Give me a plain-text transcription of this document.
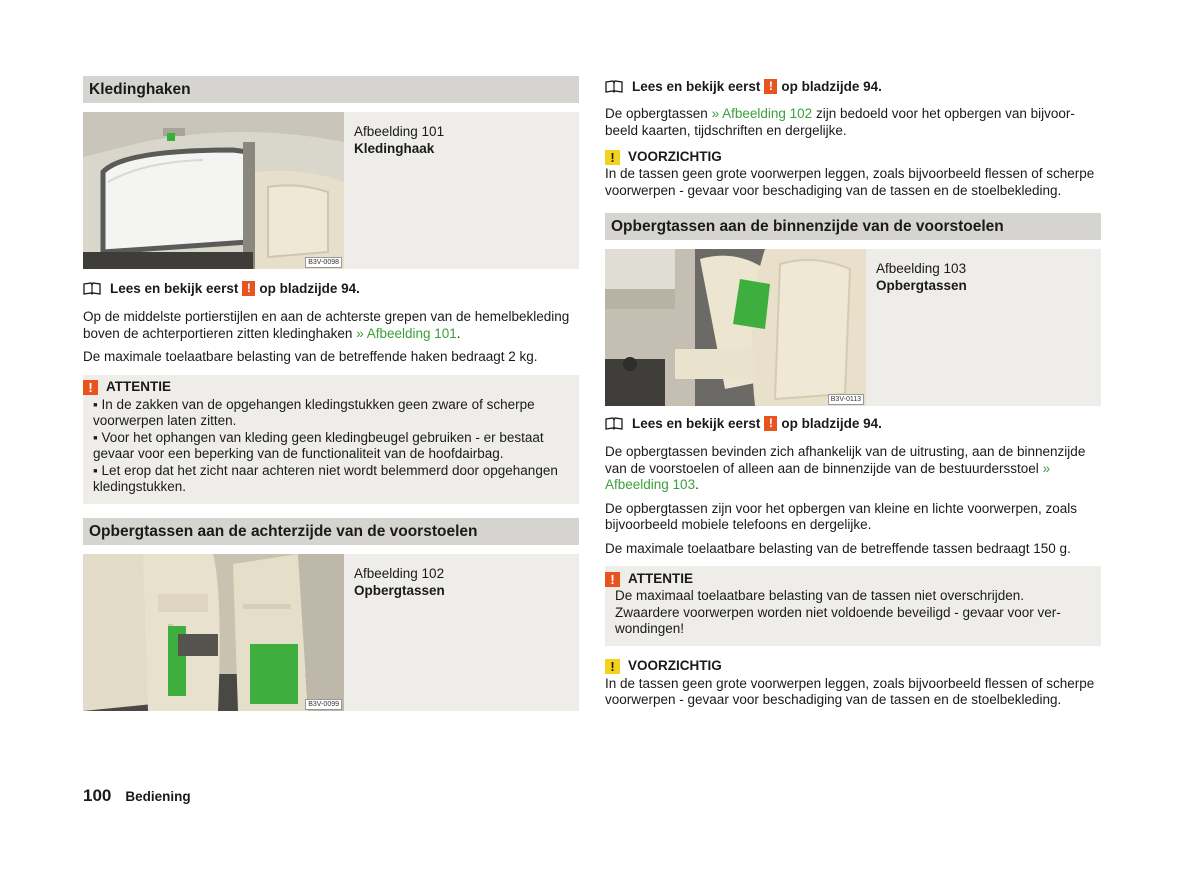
Kledinghaken
B3V-0098
Afbeelding 101
Kledinghaak
Lees en bekijk eerst ! op bladzijde 94.

Op de middelste portierstijlen en aan de achterste grepen van de hemelbekleding boven de achterportieren zitten kledinghaken » Afbeelding 101.

De maximale toelaatbare belasting van de betreffende haken bedraagt 2 kg.

! ATTENTIE
▪ In de zakken van de opgehangen kledingstukken geen zware of scherpe voorwerpen laten zitten.
▪ Voor het ophangen van kleding geen kledingbeugel gebruiken - er bestaat gevaar voor een beperking van de functionaliteit van de hoofdairbag.
▪ Let erop dat het zicht naar achteren niet wordt belemmerd door opgehangen kledingstukken.
Opbergtassen aan de achterzijde van de voorstoelen
B3V-0099
Afbeelding 102
Opbergtassen
Lees en bekijk eerst ! op bladzijde 94.

De opbergtassen » Afbeelding 102 zijn bedoeld voor het opbergen van bijvoorbeeld kaarten, tijdschriften en dergelijke.

! VOORZICHTIG
In de tassen geen grote voorwerpen leggen, zoals bijvoorbeeld flessen of scherpe voorwerpen - gevaar voor beschadiging van de tassen en de stoelbekleding.
Opbergtassen aan de binnenzijde van de voorstoelen
B3V-0113
Afbeelding 103
Opbergtassen
Lees en bekijk eerst ! op bladzijde 94.

De opbergtassen bevinden zich afhankelijk van de uitrusting, aan de binnenzijde van de voorstoelen of alleen aan de binnenzijde van de bestuurdersstoel » Afbeelding 103.

De opbergtassen zijn voor het opbergen van kleine en lichte voorwerpen, zoals bijvoorbeeld mobiele telefoons en dergelijke.

De maximale toelaatbare belasting van de betreffende tassen bedraagt 150 g.

! ATTENTIE
De maximaal toelaatbare belasting van de tassen niet overschrijden. Zwaardere voorwerpen worden niet voldoende beveiligd - gevaar voor verwondingen!
! VOORZICHTIG
In de tassen geen grote voorwerpen leggen, zoals bijvoorbeeld flessen of scherpe voorwerpen - gevaar voor beschadiging van de tassen en de stoelbekleding.
100 Bediening
